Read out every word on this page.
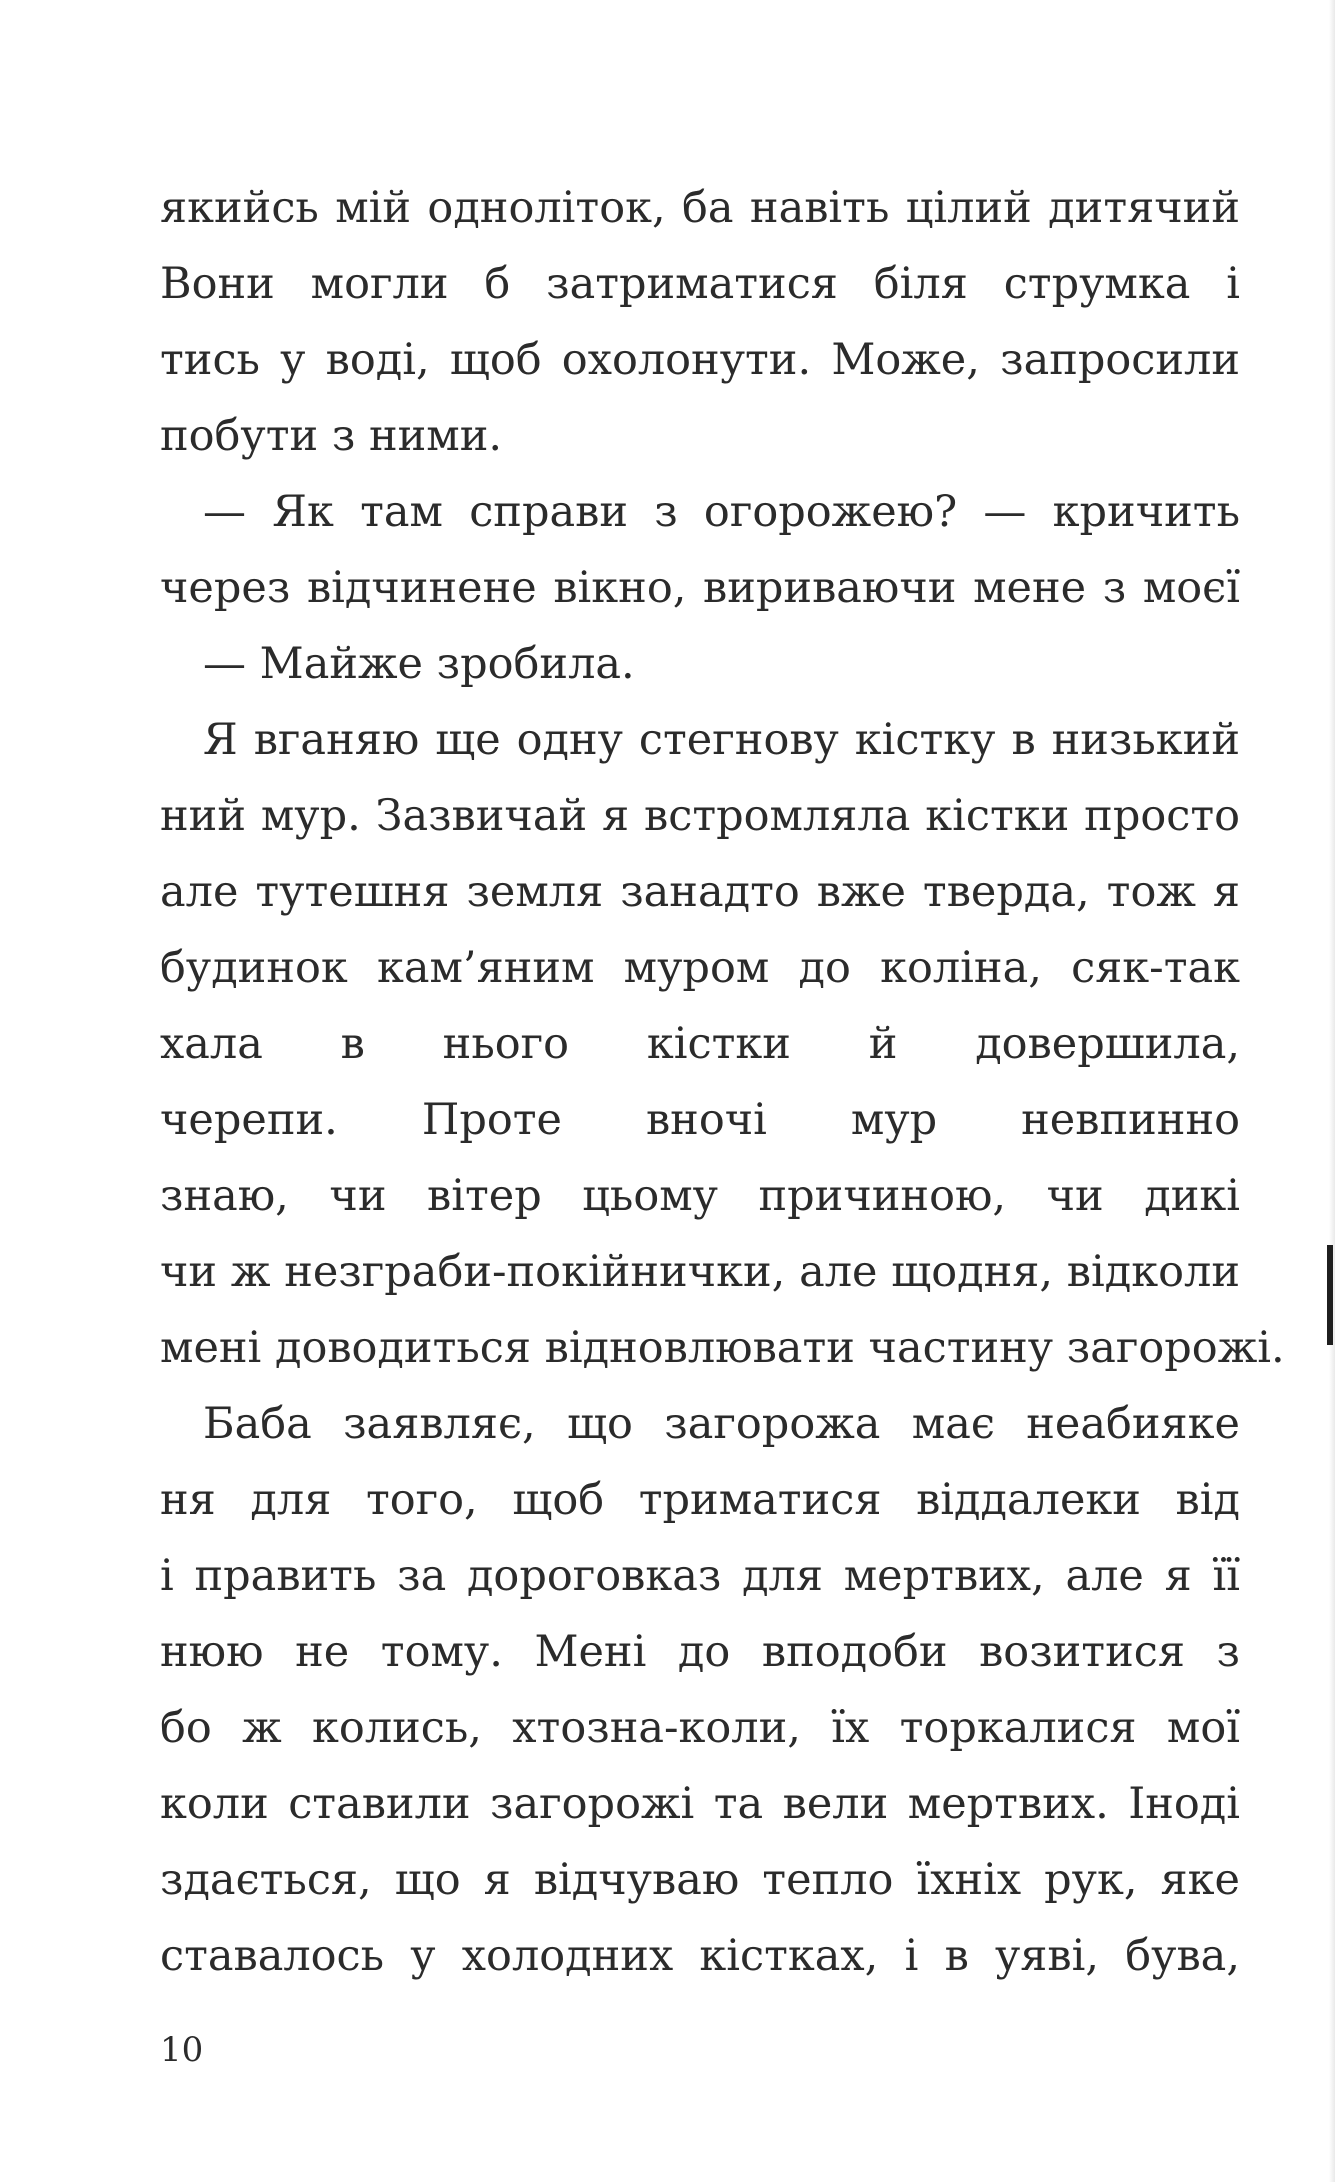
якийсь мій одноліток, ба навіть цілий дитячий
Вони могли б затриматися біля струмка і
тись у воді, щоб охолонути. Може, запросили
побути з ними.
— Як там справи з огорожею? — кричить
через відчинене вікно, вириваючи мене з моєї
— Майже зробила.
Я вганяю ще одну стегнову кістку в низький
ний мур. Зазвичай я встромляла кістки просто
але тутешня земля занадто вже тверда, тож я
будинок кам’яним муром до коліна, сяк-так
хала в нього кістки й довершила,
черепи. Проте вночі мур невпинно
знаю, чи вітер цьому причиною, чи дикі
чи ж незграби-покійнички, але щодня, відколи
мені доводиться відновлювати частину загорожі.
Баба заявляє, що загорожа має неабияке
ня для того, щоб триматися віддалеки від
і править за дороговказ для мертвих, але я її
нюю не тому. Мені до вподоби возитися з
бо ж колись, хтозна-коли, їх торкалися мої
коли ставили загорожі та вели мертвих. Іноді
здається, що я відчуваю тепло їхніх рук, яке
ставалось у холодних кістках, і в уяві, бува,
10
